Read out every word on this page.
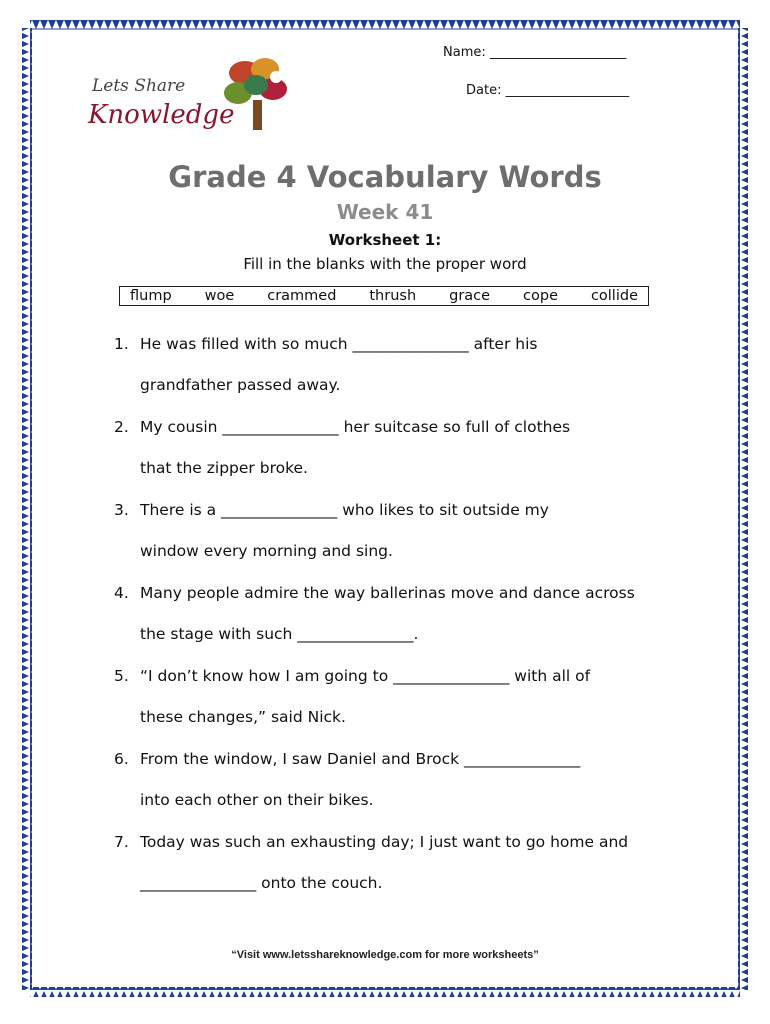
Name: _____________________
Date: ___________________
Lets Share
Knowledge
Grade 4 Vocabulary Words
Week 41
Worksheet 1:
Fill in the blanks with the proper word
flump woe crammed thrush grace cope collide
1. He was filled with so much _______________ after his
grandfather passed away.
2. My cousin _______________ her suitcase so full of clothes
that the zipper broke.
3. There is a _______________ who likes to sit outside my
window every morning and sing.
4. Many people admire the way ballerinas move and dance across
the stage with such _______________.
5. “I don’t know how I am going to _______________ with all of
these changes,” said Nick.
6. From the window, I saw Daniel and Brock _______________
into each other on their bikes.
7. Today was such an exhausting day; I just want to go home and
_______________ onto the couch.
“Visit www.letsshareknowledge.com for more worksheets”
